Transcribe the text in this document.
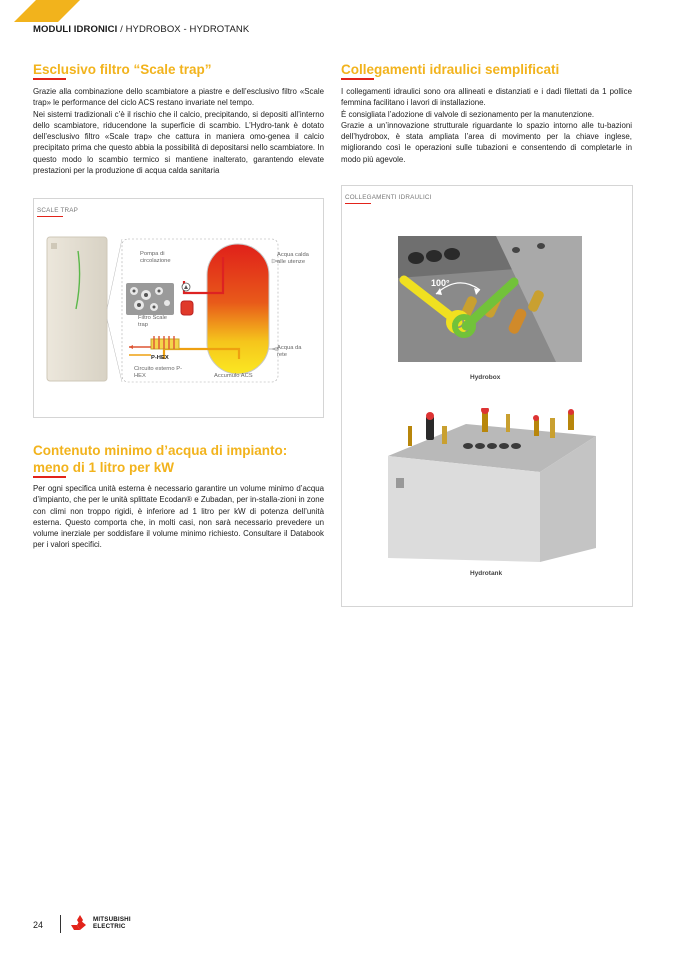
MODULI IDRONICI / HYDROBOX - HYDROTANK
Esclusivo filtro “Scale trap”

Grazie alla combinazione dello scambiatore a piastre e dell’esclusivo filtro «Scale trap» le performance del ciclo ACS restano invariate nel tempo.

Nei sistemi tradizionali c’è il rischio che il calcio, precipitando, si depositi all’interno dello scambiatore, riducendone la superficie di scambio. L’Hydro-tank è dotato dell’esclusivo filtro «Scale trap» che cattura in maniera omo-genea il calcio precipitato prima che questo abbia la possibilità di depositarsi nello scambiatore. In questo modo lo scambio termico si mantiene inalterato, garantendo elevate prestazioni per la produzione di acqua calda sanitaria

Collegamenti idraulici semplificati

I collegamenti idraulici sono ora allineati e distanziati e i dadi filettati da 1 pollice femmina facilitano i lavori di installazione.

È consigliata l’adozione di valvole di sezionamento per la manutenzione.

Grazie a un’innovazione strutturale riguardante lo spazio intorno alle tu-bazioni dell’hydrobox, è stata ampliata l’area di movimento per la chiave inglese, migliorando così le operazioni sulle tubazioni e consentendo di completarle in modo più agevole.

SCALE TRAP
Pompa di circolazione
Filtro Scale trap
P-HEX
Circuito esterno P-HEX	Accumulo ACS
Acqua calda alle utenze
Acqua da rete
COLLEGAMENTI IDRAULICI
100°
Hydrobox
Hydrotank
Contenuto minimo d’acqua di impianto:
meno di 1 litro per kW

Per ogni specifica unità esterna è necessario garantire un volume minimo d’acqua d’impianto, che per le unità splittate Ecodan® e Zubadan, per in-stalla-zioni in zone con climi non troppo rigidi, è inferiore ad 1 litro per kW di potenza dell’unità esterna. Questo comporta che, in molti casi, non sarà necessario prevedere un volume inerziale per soddisfare il volume minimo richiesto. Consultare il Databook per i valori specifici.

24
MITSUBISHI
ELECTRIC
